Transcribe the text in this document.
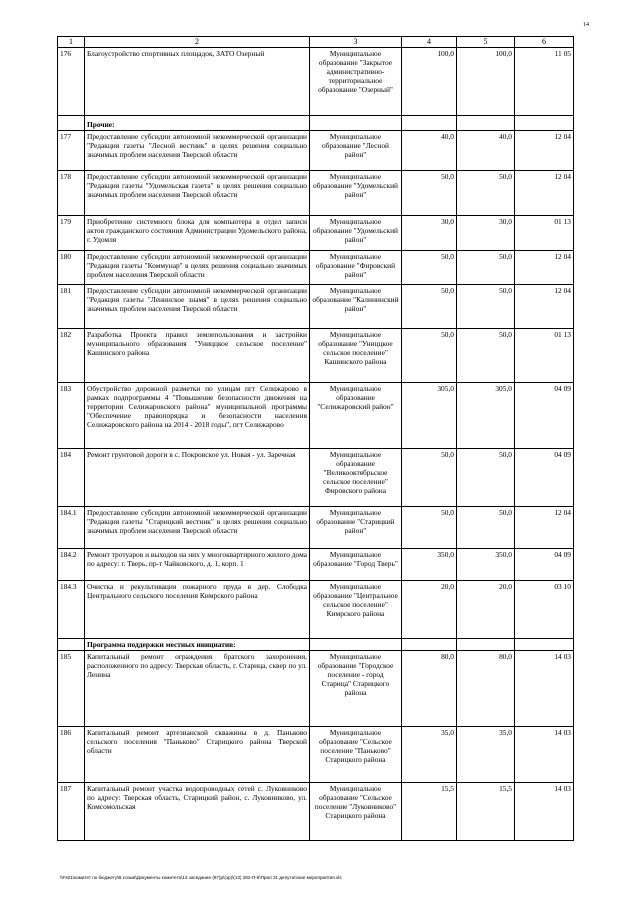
14
1	2	3	4	5	6
176	Благоустройство спортивных площадок, ЗАТО Озерный	Муниципальное образование "Закрытое административно-территориальное образование "Озерный"	100,0	100,0	11 05
	Прочие:				
177	Предоставление субсидии автономной некоммерческой организации "Редакция газеты "Лесной вестник" в целях решения социально значимых проблем населения Тверской области	Муниципальное образование "Лесной район"	40,0	40,0	12 04
178	Предоставление субсидии автономной некоммерческой организации "Редакция газеты "Удомельская газета" в целях решения социально значимых проблем населения Тверской области	Муниципальное образование "Удомельский район"	50,0	50,0	12 04
179	Приобретение системного блока для компьютера в отдел записи актов гражданского состояния Администрации Удомельского района, г. Удомля	Муниципальное образование "Удомельский район"	30,0	30,0	01 13
180	Предоставление субсидии автономной некоммерческой организации "Редакция газеты "Коммунар" в целях решения социально значимых проблем населения Тверской области	Муниципальное образование "Фировский район"	50,0	50,0	12 04
181	Предоставление субсидии автономной некоммерческой организации "Редакция газеты "Ленинское знамя" в целях решения социально значимых проблем населения Тверской области	Муниципальное образование "Калининский район"	50,0	50,0	12 04
182	Разработка Проекта правил землепользования и застройки муниципального образования "Униццкое сельское поселение" Кашинского района	Муниципальное образование "Униццкое сельское поселение" Кашинского района	50,0	50,0	01 13
183	Обустройство дорожной разметки по улицам пгт Селижарово в рамках подпрограммы 4 "Повышение безопасности движения на территории Селижаровского района" муниципальной программы "Обеспечение правопорядка и безопасности населения Селижаровского района на 2014 - 2018 годы", пгт Селижарово	Муниципальное образование "Селижаровский район"	305,0	305,0	04 09
184	Ремонт грунтовой дороги в с. Покровское ул. Новая - ул. Заречная	Муниципальное образование "Великооктябрьское сельское поселение" Фировского района	50,0	50,0	04 09
184.1	Предоставление субсидии автономной некоммерческой организации "Редакция газеты "Старицкий вестник" в целях решения социально значимых проблем населения Тверской области	Муниципальное образование "Старицкий район"	50,0	50,0	12 04
184.2	Ремонт тротуаров и выходов на них у многоквартирного жилого дома по адресу: г. Тверь, пр-т Чайковского, д. 1, корп. 1	Муниципальное образование "Город Тверь"	350,0	350,0	04 09
184.3	Очистка и рекультивация пожарного пруда в дер. Слободка Центрального сельского поселения Кимрского района	Муниципальное образование "Центральное сельское поселение" Кимрского района	20,0	20,0	03 10
	Программа поддержки местных инициатив:				
185	Капитальный ремонт ограждения братского захоронения, расположенного по адресу: Тверская область, г. Старица, сквер по ул. Ленина	Муниципальное образование "Городское поселение - город Старица" Старицкого района	80,0	80,0	14 03
186	Капитальный ремонт артезианской скважины в д. Паньково сельского поселения "Паньково" Старицкого района Тверской области	Муниципальное образование "Сельское поселение "Паньково" Старицкого района	35,0	35,0	14 03
187	Капитальный ремонт участка водопроводных сетей с. Луковниково по адресу: Тверская область, Старицкий район, с. Луковниково, ул. Комсомольская	Муниципальное образование "Сельское поселение "Луковниково" Старицкого района	15,5	15,5	14 03
\\Fs01\комитет по бюджету\В созыв\Документы комитета\13 заседание (87)р\(зр)\(13) 282-П-6\Прил 31 депутатские мероприятия.xls
